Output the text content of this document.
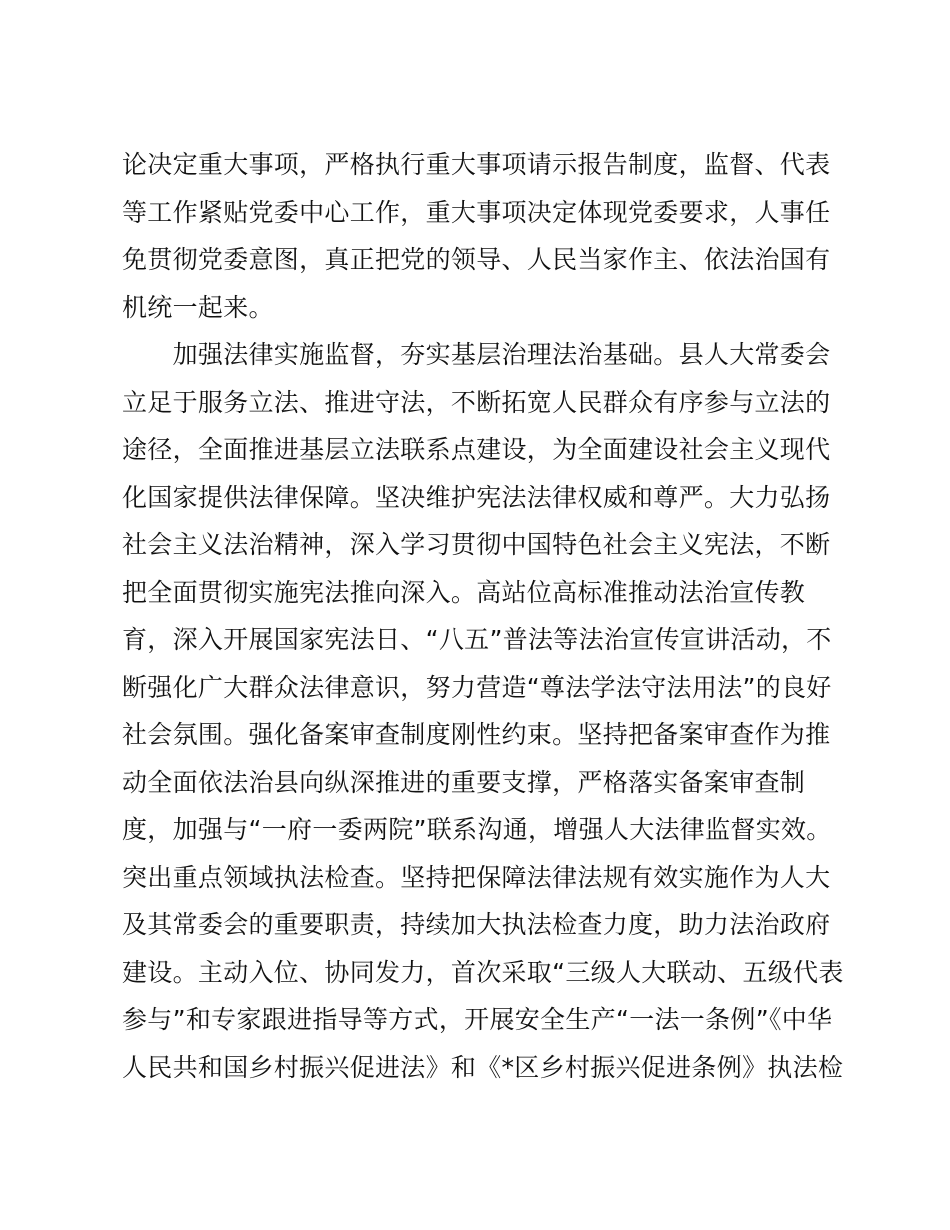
论决定重大事项，严格执行重大事项请示报告制度，监督、代表
等工作紧贴党委中心工作，重大事项决定体现党委要求，人事任
免贯彻党委意图，真正把党的领导、人民当家作主、依法治国有
机统一起来。
　　加强法律实施监督，夯实基层治理法治基础。县人大常委会
立足于服务立法、推进守法，不断拓宽人民群众有序参与立法的
途径，全面推进基层立法联系点建设，为全面建设社会主义现代
化国家提供法律保障。坚决维护宪法法律权威和尊严。大力弘扬
社会主义法治精神，深入学习贯彻中国特色社会主义宪法，不断
把全面贯彻实施宪法推向深入。高站位高标准推动法治宣传教
育，深入开展国家宪法日、“八五”普法等法治宣传宣讲活动，不
断强化广大群众法律意识，努力营造“尊法学法守法用法”的良好
社会氛围。强化备案审查制度刚性约束。坚持把备案审查作为推
动全面依法治县向纵深推进的重要支撑，严格落实备案审查制
度，加强与“一府一委两院”联系沟通，增强人大法律监督实效。
突出重点领域执法检查。坚持把保障法律法规有效实施作为人大
及其常委会的重要职责，持续加大执法检查力度，助力法治政府
建设。主动入位、协同发力，首次采取“三级人大联动、五级代表
参与”和专家跟进指导等方式，开展安全生产“一法一条例”《中华
人民共和国乡村振兴促进法》和《*区乡村振兴促进条例》执法检
